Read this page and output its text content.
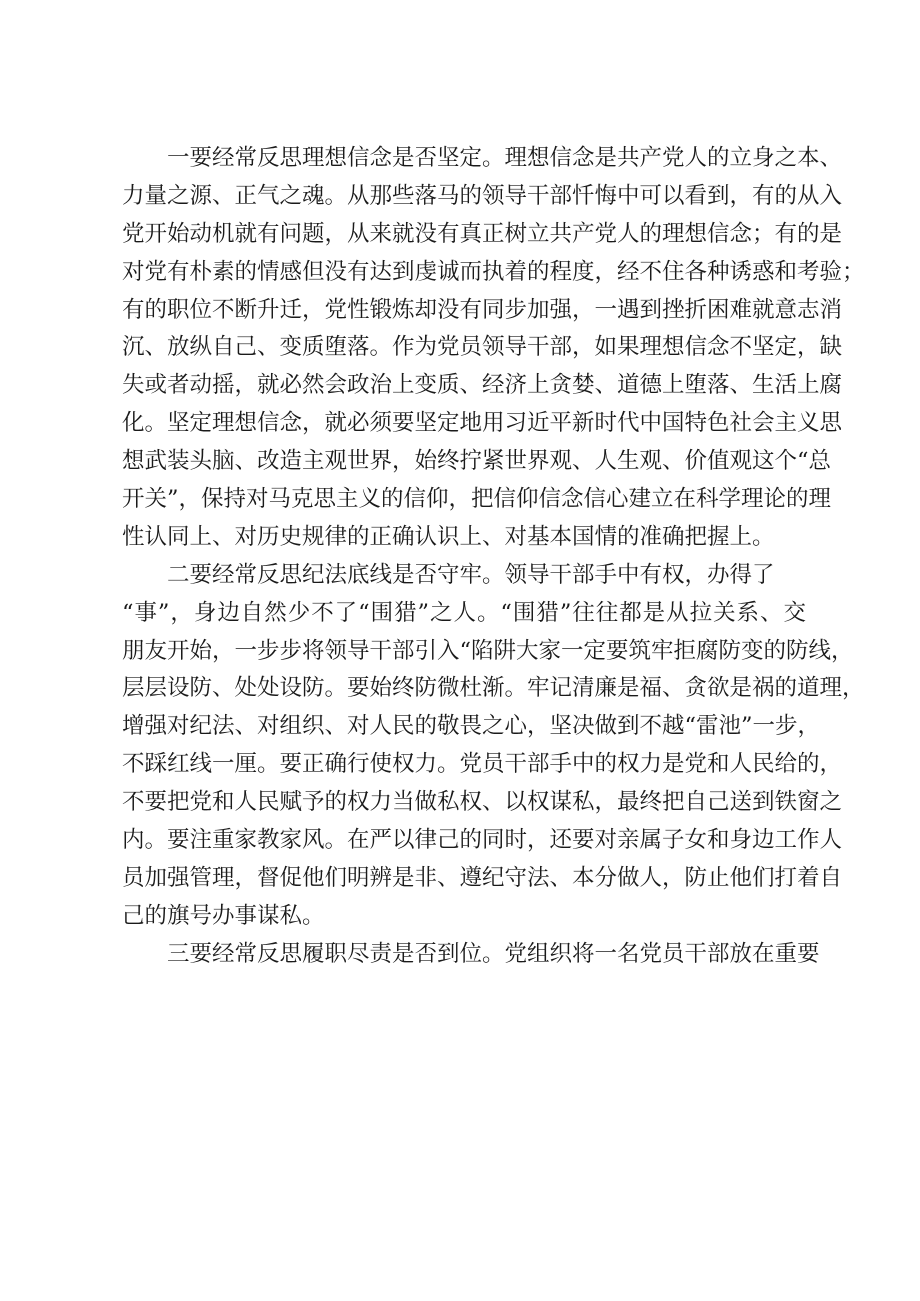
一要经常反思理想信念是否坚定。理想信念是共产党人的立身之本、
力量之源、正气之魂。从那些落马的领导干部忏悔中可以看到，有的从入
党开始动机就有问题，从来就没有真正树立共产党人的理想信念；有的是
对党有朴素的情感但没有达到虔诚而执着的程度，经不住各种诱惑和考验；
有的职位不断升迁，党性锻炼却没有同步加强，一遇到挫折困难就意志消
沉、放纵自己、变质堕落。作为党员领导干部，如果理想信念不坚定，缺
失或者动摇，就必然会政治上变质、经济上贪婪、道德上堕落、生活上腐
化。坚定理想信念，就必须要坚定地用习近平新时代中国特色社会主义思
想武装头脑、改造主观世界，始终拧紧世界观、人生观、价值观这个“总
开关”，保持对马克思主义的信仰，把信仰信念信心建立在科学理论的理
性认同上、对历史规律的正确认识上、对基本国情的准确把握上。
二要经常反思纪法底线是否守牢。领导干部手中有权，办得了
“事”，身边自然少不了“围猎”之人。“围猎”往往都是从拉关系、交
朋友开始，一步步将领导干部引入“陷阱大家一定要筑牢拒腐防变的防线，
层层设防、处处设防。要始终防微杜渐。牢记清廉是福、贪欲是祸的道理，
增强对纪法、对组织、对人民的敬畏之心，坚决做到不越“雷池”一步，
不踩红线一厘。要正确行使权力。党员干部手中的权力是党和人民给的，
不要把党和人民赋予的权力当做私权、以权谋私，最终把自己送到铁窗之
内。要注重家教家风。在严以律己的同时，还要对亲属子女和身边工作人
员加强管理，督促他们明辨是非、遵纪守法、本分做人，防止他们打着自
己的旗号办事谋私。
三要经常反思履职尽责是否到位。党组织将一名党员干部放在重要
